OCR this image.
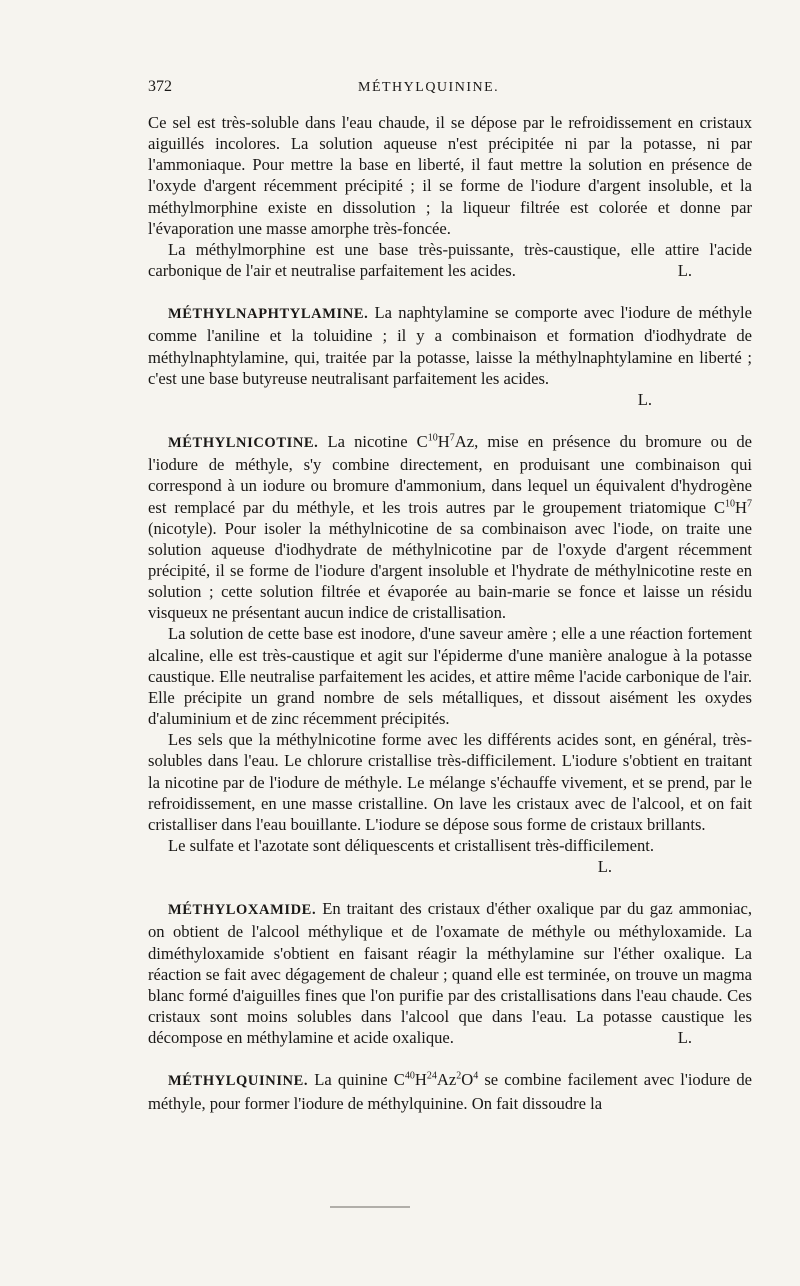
372	MÉTHYLQUININE.

Ce sel est très-soluble dans l'eau chaude, il se dépose par le refroidissement en cristaux aiguillés incolores. La solution aqueuse n'est précipitée ni par la potasse, ni par l'ammoniaque. Pour mettre la base en liberté, il faut mettre la solution en présence de l'oxyde d'argent récemment précipité ; il se forme de l'iodure d'argent insoluble, et la méthylmorphine existe en dissolution ; la liqueur filtrée est colorée et donne par l'évaporation une masse amorphe très-foncée.

La méthylmorphine est une base très-puissante, très-caustique, elle attire l'acide carbonique de l'air et neutralise parfaitement les acides.	L.

MÉTHYLNAPHTYLAMINE. La naphtylamine se comporte avec l'iodure de méthyle comme l'aniline et la toluidine ; il y a combinaison et formation d'iodhydrate de méthylnaphtylamine, qui, traitée par la potasse, laisse la méthylnaphtylamine en liberté ; c'est une base butyreuse neutralisant parfaitement les acides.

L.

MÉTHYLNICOTINE. La nicotine $C^{10}H^7Az$, mise en présence du bromure ou de l'iodure de méthyle, s'y combine directement, en produisant une combinaison qui correspond à un iodure ou bromure d'ammonium, dans lequel un équivalent d'hydrogène est remplacé par du méthyle, et les trois autres par le groupement triatomique $C^{10}H^7$ (nicotyle). Pour isoler la méthylnicotine de sa combinaison avec l'iode, on traite une solution aqueuse d'iodhydrate de méthylnicotine par de l'oxyde d'argent récemment précipité, il se forme de l'iodure d'argent insoluble et l'hydrate de méthylnicotine reste en solution ; cette solution filtrée et évaporée au bain-marie se fonce et laisse un résidu visqueux ne présentant aucun indice de cristallisation.

La solution de cette base est inodore, d'une saveur amère ; elle a une réaction fortement alcaline, elle est très-caustique et agit sur l'épiderme d'une manière analogue à la potasse caustique. Elle neutralise parfaitement les acides, et attire même l'acide carbonique de l'air. Elle précipite un grand nombre de sels métalliques, et dissout aisément les oxydes d'aluminium et de zinc récemment précipités.

Les sels que la méthylnicotine forme avec les différents acides sont, en général, très-solubles dans l'eau. Le chlorure cristallise très-difficilement. L'iodure s'obtient en traitant la nicotine par de l'iodure de méthyle. Le mélange s'échauffe vivement, et se prend, par le refroidissement, en une masse cristalline. On lave les cristaux avec de l'alcool, et on fait cristalliser dans l'eau bouillante. L'iodure se dépose sous forme de cristaux brillants.

Le sulfate et l'azotate sont déliquescents et cristallisent très-difficilement.

L.

MÉTHYLOXAMIDE. En traitant des cristaux d'éther oxalique par du gaz ammoniac, on obtient de l'alcool méthylique et de l'oxamate de méthyle ou méthyloxamide. La diméthyloxamide s'obtient en faisant réagir la méthylamine sur l'éther oxalique. La réaction se fait avec dégagement de chaleur ; quand elle est terminée, on trouve un magma blanc formé d'aiguilles fines que l'on purifie par des cristallisations dans l'eau chaude. Ces cristaux sont moins solubles dans l'alcool que dans l'eau. La potasse caustique les décompose en méthylamine et acide oxalique.	L.

MÉTHYLQUININE. La quinine $C^{40}H^{24}Az^2O^4$ se combine facilement avec l'iodure de méthyle, pour former l'iodure de méthylquinine. On fait dissoudre la
